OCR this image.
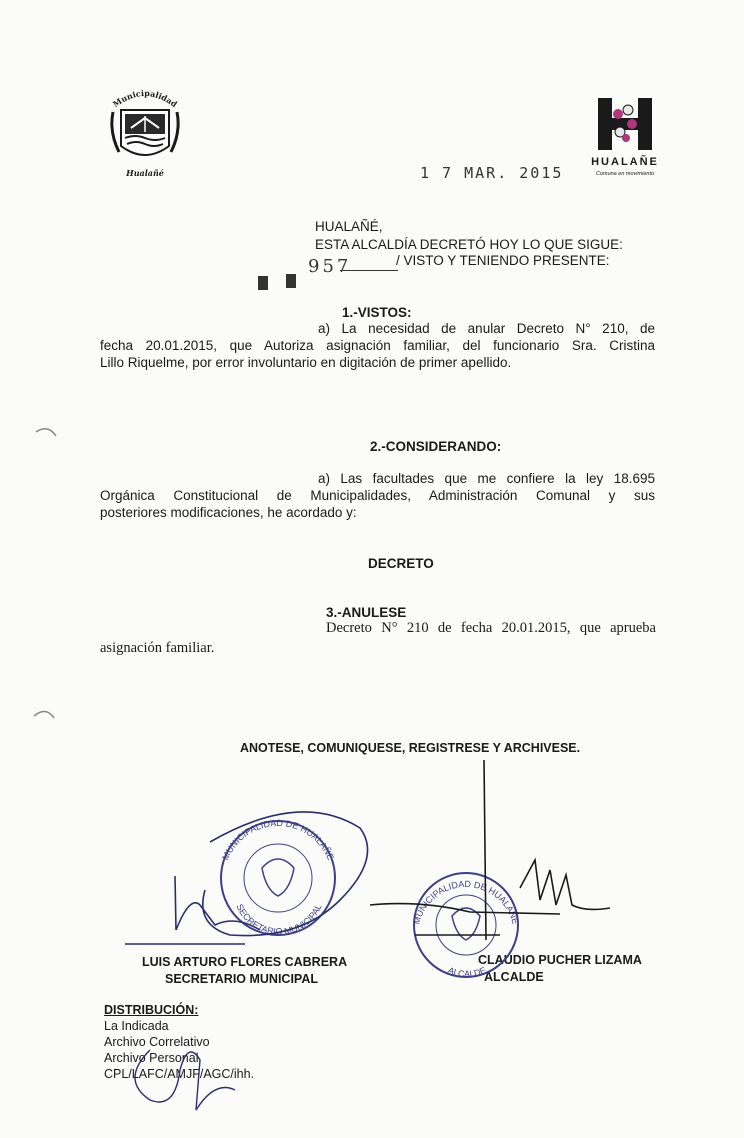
Municipalidad
Hualañé
HUALAÑE
Comuna en movimiento
1 7 MAR. 2015
HUALAÑÉ,
ESTA ALCALDÍA DECRETÓ HOY LO QUE SIGUE:
957	/ VISTO Y TENIENDO PRESENTE:
1.-VISTOS:
a) La necesidad de anular Decreto N° 210, de
fecha 20.01.2015, que Autoriza asignación familiar, del funcionario Sra. Cristina
Lillo Riquelme, por error involuntario en digitación de primer apellido.
2.-CONSIDERANDO:
a) Las facultades que me confiere la ley 18.695
Orgánica Constitucional de Municipalidades, Administración Comunal y sus
posteriores modificaciones, he acordado y:
DECRETO
3.-ANULESE
Decreto N° 210 de fecha 20.01.2015, que aprueba
asignación familiar.
ANOTESE, COMUNIQUESE, REGISTRESE Y ARCHIVESE.
LUIS ARTURO FLORES CABRERA
SECRETARIO MUNICIPAL
CLAUDIO PUCHER LIZAMA
ALCALDE
DISTRIBUCIÓN:
La Indicada
Archivo Correlativo
Archivo Personal
CPL/LAFC/AMJF/AGC/ihh.
MUNICIPALIDAD DE HUALAÑE
SECRETARIO MUNICIPAL
MUNICIPALIDAD DE HUALAÑE
ALCALDE
